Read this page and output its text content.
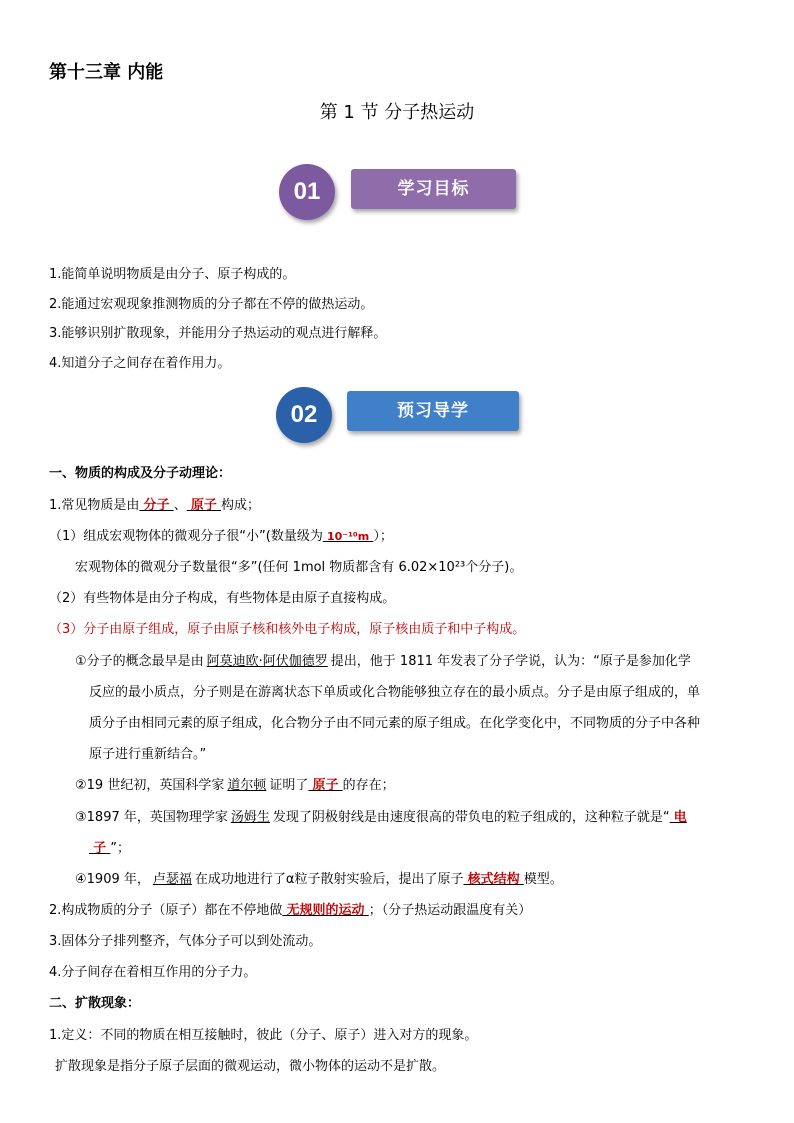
第十三章 内能
第 1 节 分子热运动
01	学习目标
1.能简单说明物质是由分子、原子构成的。
2.能通过宏观现象推测物质的分子都在不停的做热运动。
3.能够识别扩散现象，并能用分子热运动的观点进行解释。
4.知道分子之间存在着作用力。
02	预习导学
一、物质的构成及分子动理论：
1.常见物质是由 分子 、 原子 构成；
（1）组成宏观物体的微观分子很“小”(数量级为 10⁻¹⁰m ）；
宏观物体的微观分子数量很“多”(任何 1mol 物质都含有 6.02×10²³个分子)。
（2）有些物体是由分子构成，有些物体是由原子直接构成。
（3）分子由原子组成，原子由原子核和核外电子构成，原子核由质子和中子构成。
①分子的概念最早是由 阿莫迪欧·阿伏伽德罗 提出，他于 1811 年发表了分子学说，认为：“原子是参加化学
反应的最小质点，分子则是在游离状态下单质或化合物能够独立存在的最小质点。分子是由原子组成的，单
质分子由相同元素的原子组成，化合物分子由不同元素的原子组成。在化学变化中，不同物质的分子中各种
原子进行重新结合。”
②19 世纪初，英国科学家 道尔顿 证明了 原子 的存在；
③1897 年，英国物理学家 汤姆生 发现了阴极射线是由速度很高的带负电的粒子组成的，这种粒子就是“ 电
子 ”；
④1909 年， 卢瑟福 在成功地进行了α粒子散射实验后，提出了原子 核式结构 模型。
2.构成物质的分子（原子）都在不停地做 无规则的运动 ；（分子热运动跟温度有关）
3.固体分子排列整齐，气体分子可以到处流动。
4.分子间存在着相互作用的分子力。
二、扩散现象：
1.定义：不同的物质在相互接触时，彼此（分子、原子）进入对方的现象。
扩散现象是指分子原子层面的微观运动，微小物体的运动不是扩散。
